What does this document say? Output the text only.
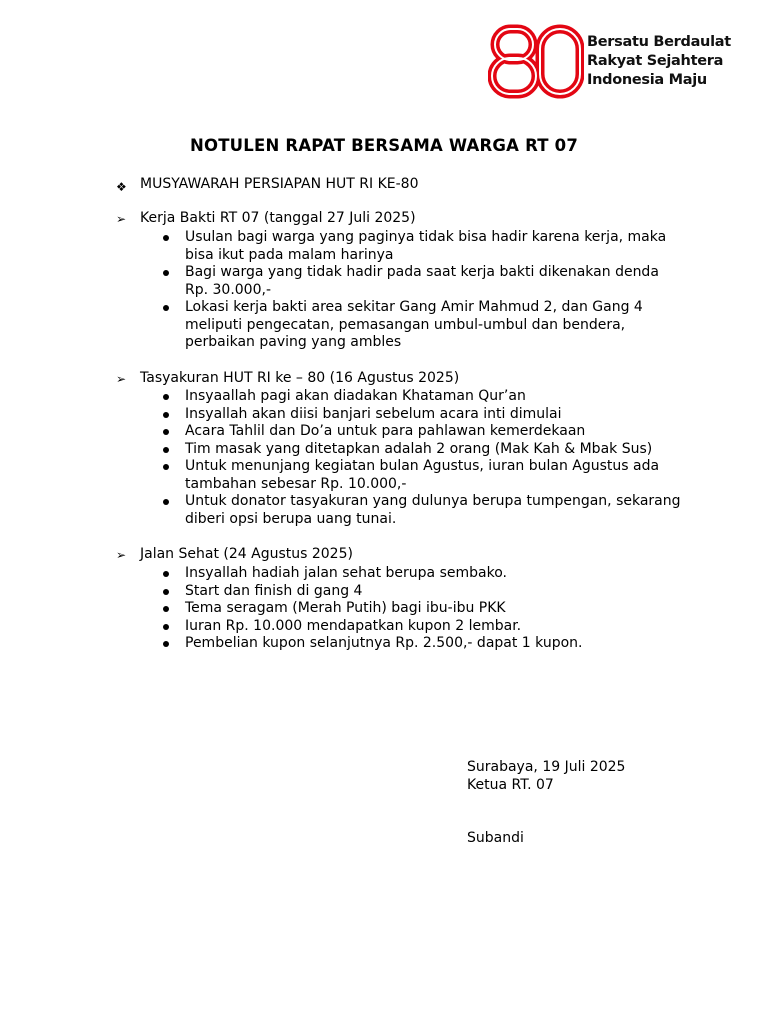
Bersatu Berdaulat
Rakyat Sejahtera
Indonesia Maju
NOTULEN RAPAT BERSAMA WARGA RT 07
❖ MUSYAWARAH PERSIAPAN HUT RI KE-80
➢ Kerja Bakti RT 07 (tanggal 27 Juli 2025)
Usulan bagi warga yang paginya tidak bisa hadir karena kerja, maka bisa ikut pada malam harinya
Bagi warga yang tidak hadir pada saat kerja bakti dikenakan denda Rp. 30.000,-
Lokasi kerja bakti area sekitar Gang Amir Mahmud 2, dan Gang 4 meliputi pengecatan, pemasangan umbul-umbul dan bendera, perbaikan paving yang ambles
➢ Tasyakuran HUT RI ke – 80 (16 Agustus 2025)
Insyaallah pagi akan diadakan Khataman Qur’an
Insyallah akan diisi banjari sebelum acara inti dimulai
Acara Tahlil dan Do’a untuk para pahlawan kemerdekaan
Tim masak yang ditetapkan adalah 2 orang (Mak Kah & Mbak Sus)
Untuk menunjang kegiatan bulan Agustus, iuran bulan Agustus ada tambahan sebesar Rp. 10.000,-
Untuk donator tasyakuran yang dulunya berupa tumpengan, sekarang diberi opsi berupa uang tunai.
➢ Jalan Sehat (24 Agustus 2025)
Insyallah hadiah jalan sehat berupa sembako.
Start dan finish di gang 4
Tema seragam (Merah Putih) bagi ibu-ibu PKK
Iuran Rp. 10.000 mendapatkan kupon 2 lembar.
Pembelian kupon selanjutnya Rp. 2.500,- dapat 1 kupon.
Surabaya, 19 Juli 2025
Ketua RT. 07
Subandi
